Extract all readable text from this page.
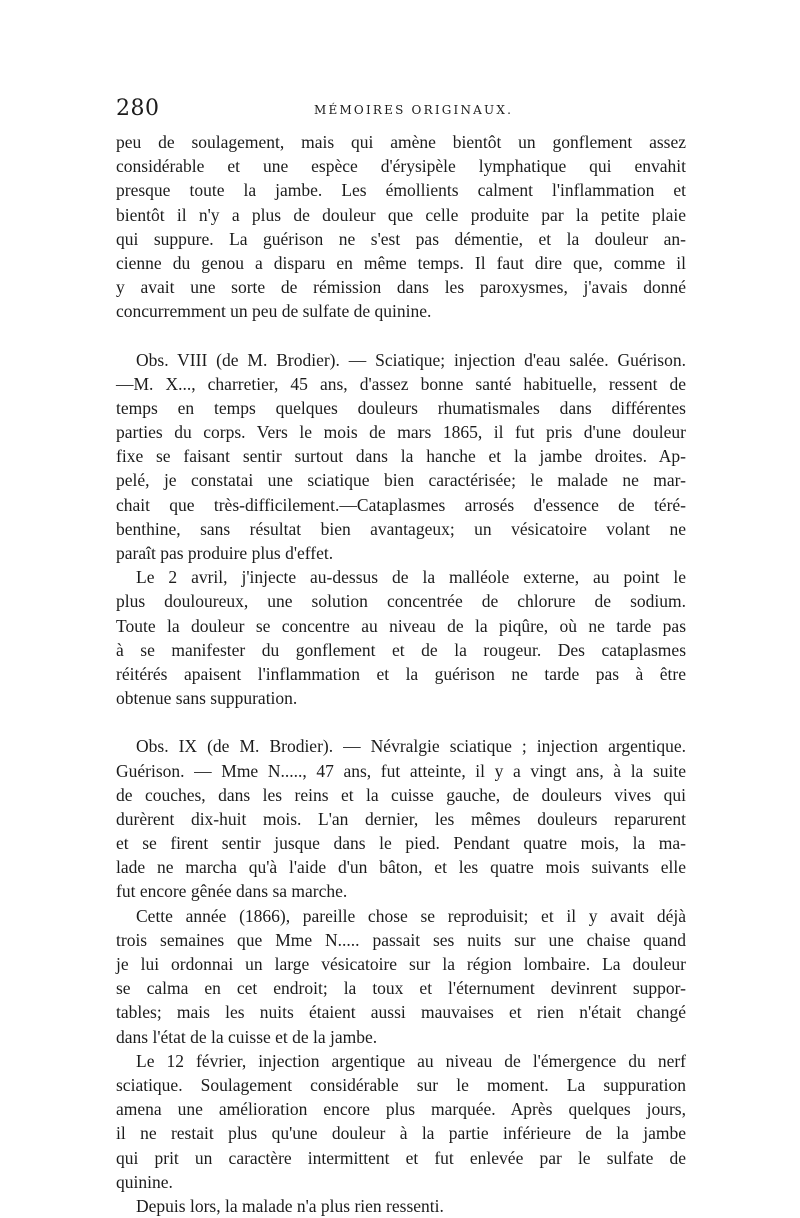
280	MÉMOIRES ORIGINAUX.
peu de soulagement, mais qui amène bientôt un gonflement assez
considérable et une espèce d'érysipèle lymphatique qui envahit
presque toute la jambe. Les émollients calment l'inflammation et
bientôt il n'y a plus de douleur que celle produite par la petite plaie
qui suppure. La guérison ne s'est pas démentie, et la douleur an-
cienne du genou a disparu en même temps. Il faut dire que, comme il
y avait une sorte de rémission dans les paroxysmes, j'avais donné
concurremment un peu de sulfate de quinine.
Obs. VIII (de M. Brodier). — Sciatique; injection d'eau salée. Guérison.
—M. X..., charretier, 45 ans, d'assez bonne santé habituelle, ressent de
temps en temps quelques douleurs rhumatismales dans différentes
parties du corps. Vers le mois de mars 1865, il fut pris d'une douleur
fixe se faisant sentir surtout dans la hanche et la jambe droites. Ap-
pelé, je constatai une sciatique bien caractérisée; le malade ne mar-
chait que très-difficilement.—Cataplasmes arrosés d'essence de téré-
benthine, sans résultat bien avantageux; un vésicatoire volant ne
paraît pas produire plus d'effet.
Le 2 avril, j'injecte au-dessus de la malléole externe, au point le
plus douloureux, une solution concentrée de chlorure de sodium.
Toute la douleur se concentre au niveau de la piqûre, où ne tarde pas
à se manifester du gonflement et de la rougeur. Des cataplasmes
réitérés apaisent l'inflammation et la guérison ne tarde pas à être
obtenue sans suppuration.
Obs. IX (de M. Brodier). — Névralgie sciatique ; injection argentique.
Guérison. — Mme N....., 47 ans, fut atteinte, il y a vingt ans, à la suite
de couches, dans les reins et la cuisse gauche, de douleurs vives qui
durèrent dix-huit mois. L'an dernier, les mêmes douleurs reparurent
et se firent sentir jusque dans le pied. Pendant quatre mois, la ma-
lade ne marcha qu'à l'aide d'un bâton, et les quatre mois suivants elle
fut encore gênée dans sa marche.
Cette année (1866), pareille chose se reproduisit; et il y avait déjà
trois semaines que Mme N..... passait ses nuits sur une chaise quand
je lui ordonnai un large vésicatoire sur la région lombaire. La douleur
se calma en cet endroit; la toux et l'éternument devinrent suppor-
tables; mais les nuits étaient aussi mauvaises et rien n'était changé
dans l'état de la cuisse et de la jambe.
Le 12 février, injection argentique au niveau de l'émergence du nerf
sciatique. Soulagement considérable sur le moment. La suppuration
amena une amélioration encore plus marquée. Après quelques jours,
il ne restait plus qu'une douleur à la partie inférieure de la jambe
qui prit un caractère intermittent et fut enlevée par le sulfate de
quinine.
Depuis lors, la malade n'a plus rien ressenti.
